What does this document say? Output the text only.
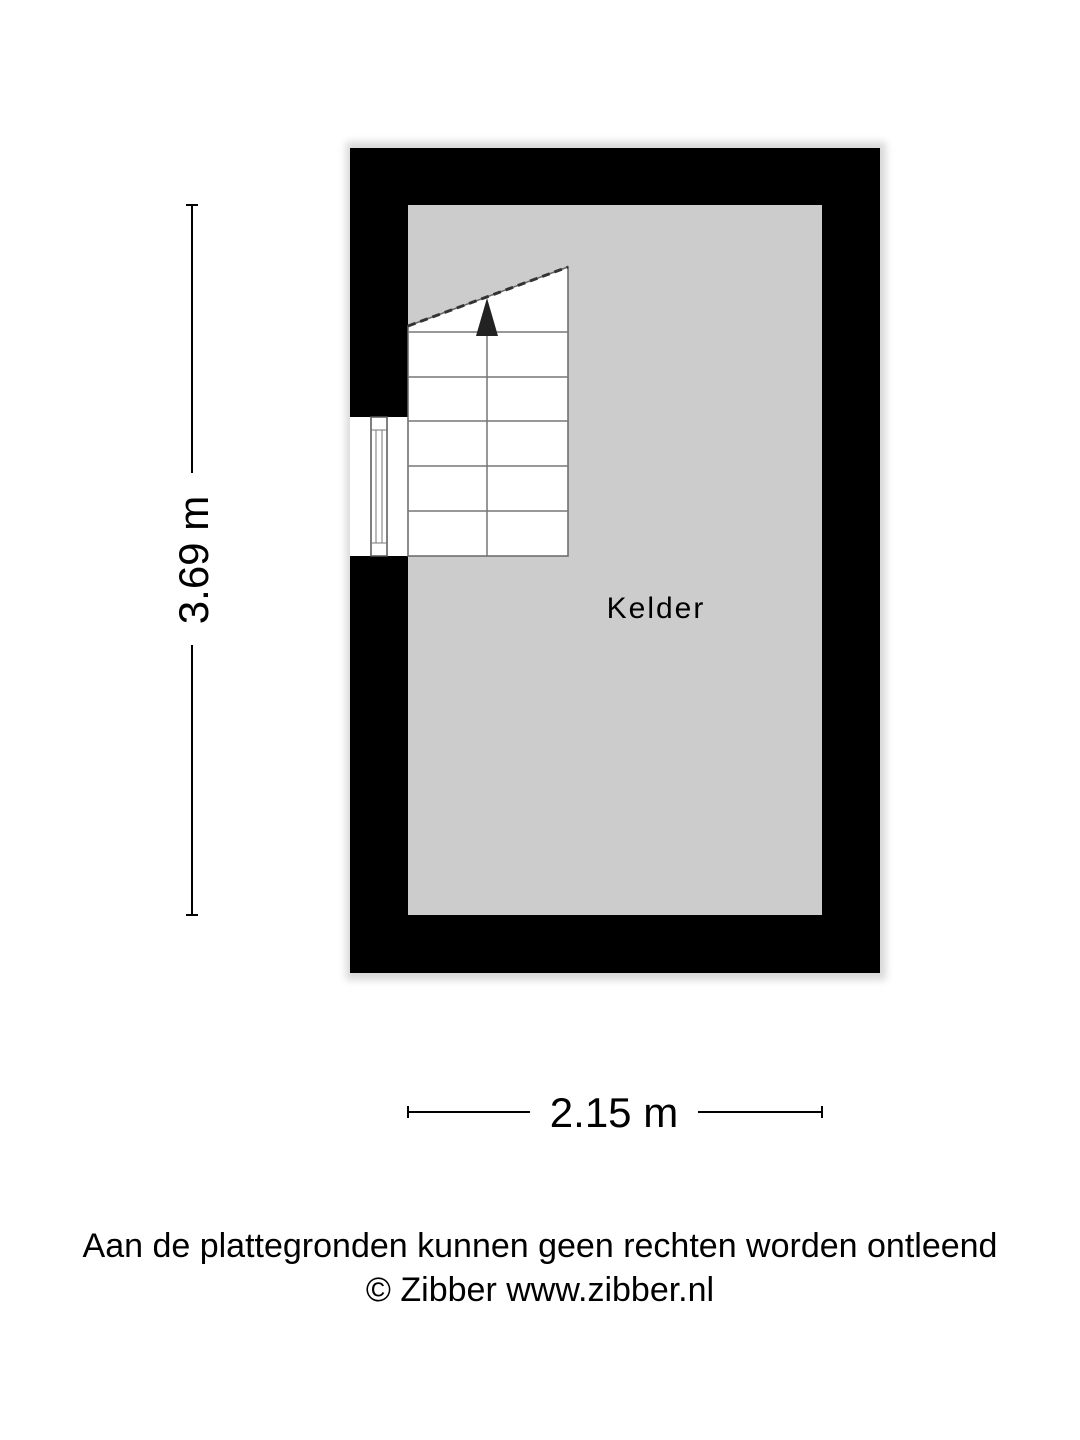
Kelder
3.69 m
2.15 m
Aan de plattegronden kunnen geen rechten worden ontleend
© Zibber www.zibber.nl
